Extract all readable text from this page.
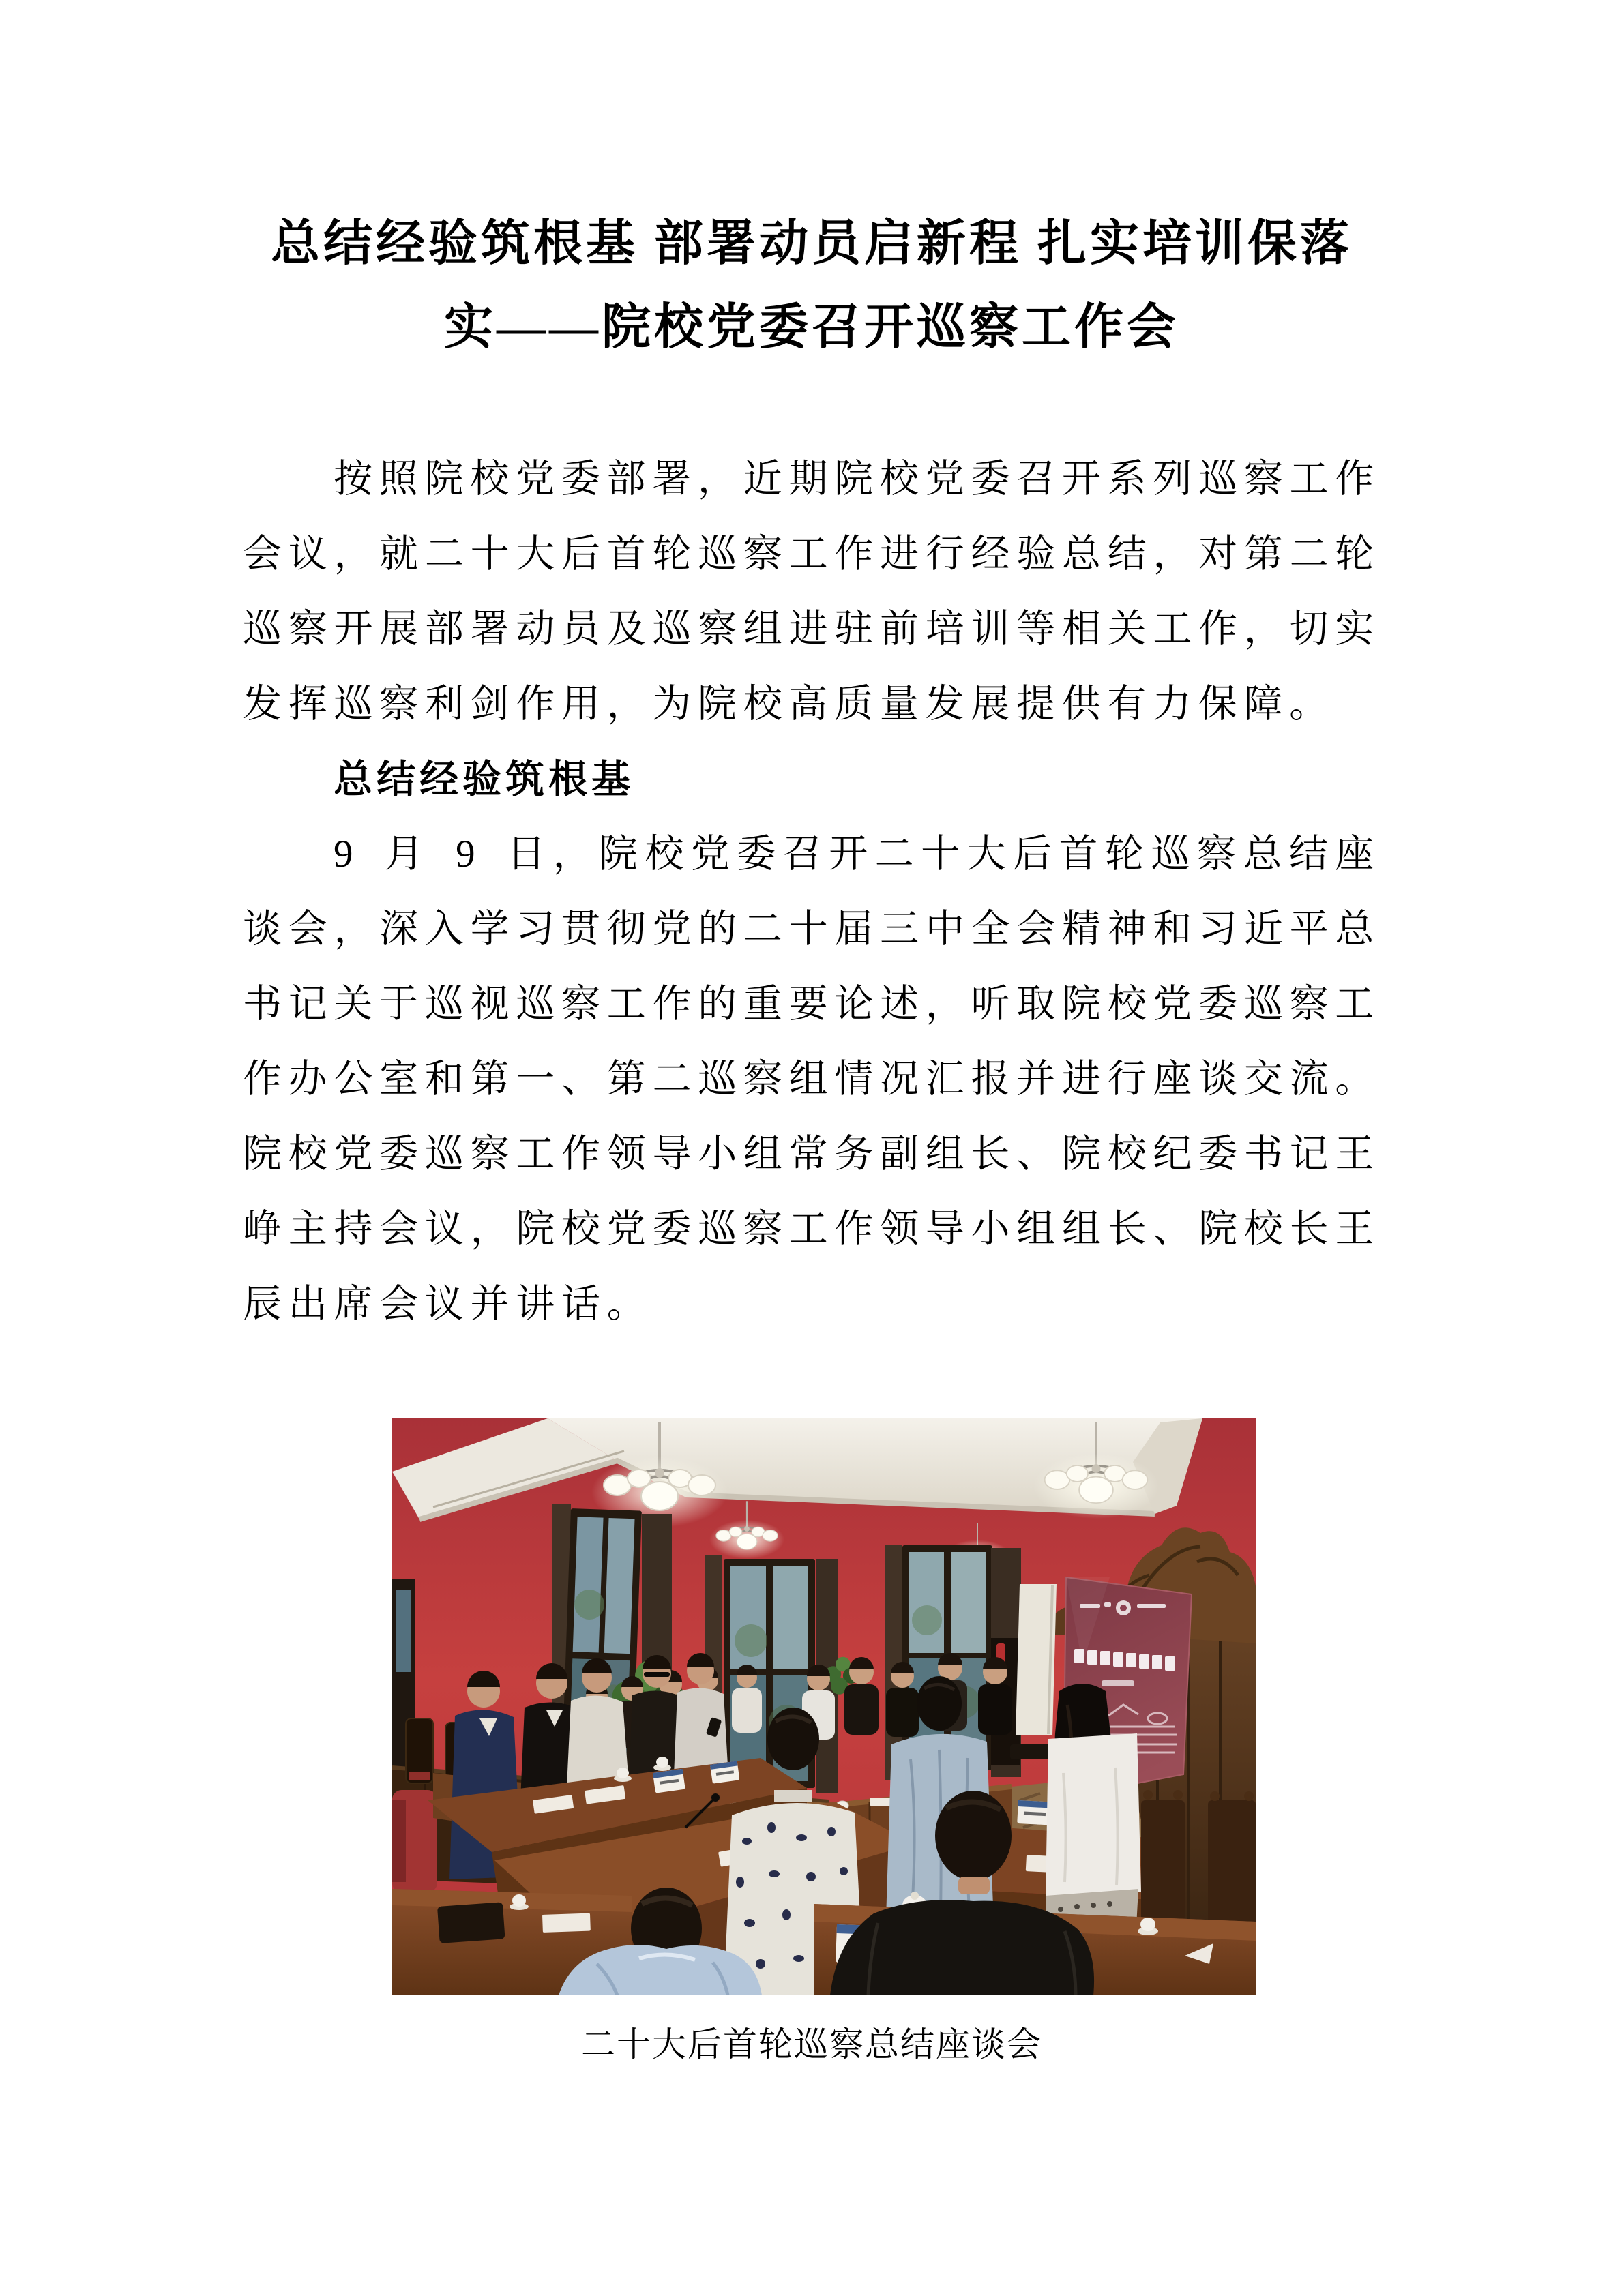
总结经验筑根基 部署动员启新程 扎实培训保落
实——院校党委召开巡察工作会

按照院校党委部署，近期院校党委召开系列巡察工作会议，就二十大后首轮巡察工作进行经验总结，对第二轮巡察开展部署动员及巡察组进驻前培训等相关工作，切实发挥巡察利剑作用，为院校高质量发展提供有力保障。

总结经验筑根基

9 月 9 日，院校党委召开二十大后首轮巡察总结座谈会，深入学习贯彻党的二十届三中全会精神和习近平总书记关于巡视巡察工作的重要论述，听取院校党委巡察工作办公室和第一、第二巡察组情况汇报并进行座谈交流。院校党委巡察工作领导小组常务副组长、院校纪委书记王峥主持会议，院校党委巡察工作领导小组组长、院校长王辰出席会议并讲话。

二十大后首轮巡察总结座谈会
